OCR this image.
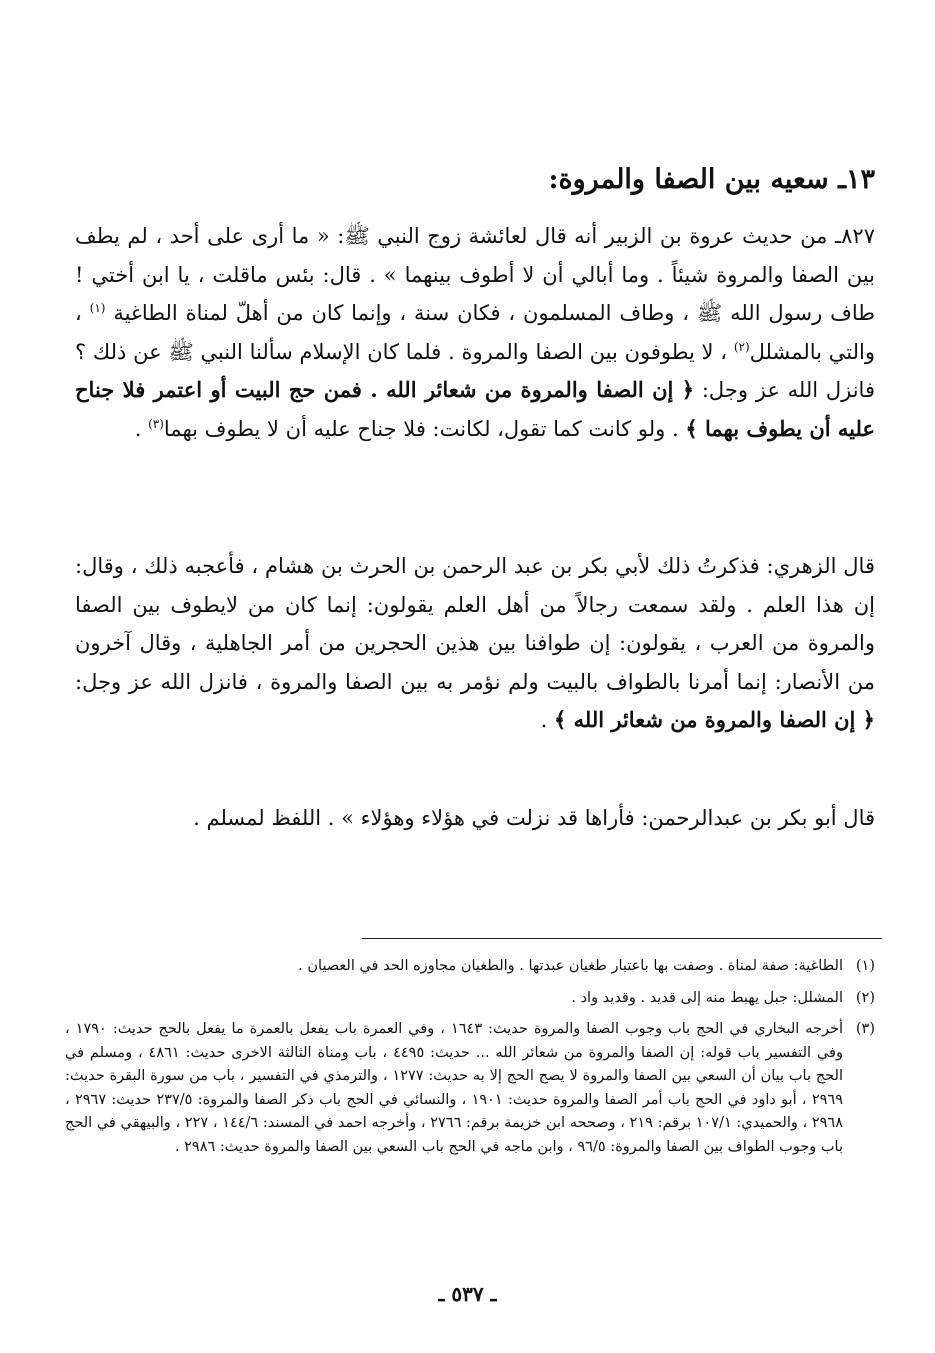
١٣ـ سعيه بين الصفا والمروة:
٨٢٧ـ من حديث عروة بن الزبير أنه قال لعائشة زوج النبي ﷺ: « ما أرى على أحد ، لم يطف بين الصفا والمروة شيئاً . وما أبالي أن لا أطوف بينهما » . قال: بئس ماقلت ، يا ابن أختي ! طاف رسول الله ﷺ ، وطاف المسلمون ، فكان سنة ، وإنما كان من أهلّ لمناة الطاغية $^{(١)}$ ، والتي بالمشلل$^{(٢)}$ ، لا يطوفون بين الصفا والمروة . فلما كان الإسلام سألنا النبي ﷺ عن ذلك ؟ فانزل الله عز وجل: ﴿ إن الصفا والمروة من شعائر الله . فمن حج البيت أو اعتمر فلا جناح عليه أن يطوف بهما ﴾ . ولو كانت كما تقول، لكانت: فلا جناح عليه أن لا يطوف بهما$^{(٣)}$ .
قال الزهري: فذكرتُ ذلك لأبي بكر بن عبد الرحمن بن الحرث بن هشام ، فأعجبه ذلك ، وقال: إن هذا العلم . ولقد سمعت رجالاً من أهل العلم يقولون: إنما كان من لايطوف بين الصفا والمروة من العرب ، يقولون: إن طوافنا بين هذين الحجرين من أمر الجاهلية ، وقال آخرون من الأنصار: إنما أمرنا بالطواف بالبيت ولم نؤمر به بين الصفا والمروة ، فانزل الله عز وجل: ﴿ إن الصفا والمروة من شعائر الله ﴾ .
قال أبو بكر بن عبدالرحمن: فأراها قد نزلت في هؤلاء وهؤلاء » . اللفظ لمسلم .
(١)
الطاغية: صفة لمناة . وصفت بها باعتبار طغيان عبدتها . والطغيان مجاوزه الحد في العصيان .
(٢)
المشلل: جبل يهبط منه إلى قديد . وقديد واد .
(٣)
أخرجه البخاري في الحج باب وجوب الصفا والمروة حديث: ١٦٤٣ ، وفي العمرة باب يفعل بالعمرة ما يفعل بالحج حديث: ١٧٩٠ ، وفي التفسير باب قوله: إن الصفا والمروة من شعائر الله ... حديث: ٤٤٩٥ ، باب ومناة الثالثة الاخرى حديث: ٤٨٦١ ، ومسلم في الحج باب بيان أن السعي بين الصفا والمروة لا يصح الحج إلا به حديث: ١٢٧٧ ، والترمذي في التفسير ، باب من سورة البقرة حديث: ٢٩٦٩ ، أبو داود في الحج باب أمر الصفا والمروة حديث: ١٩٠١ ، والنسائي في الحج باب ذكر الصفا والمروة: ٢٣٧/٥ حديث: ٢٩٦٧ ، ٢٩٦٨ ، والحميدي: ١٠٧/١ برقم: ٢١٩ ، وصححه ابن خزيمة برقم: ٢٧٦٦ ، وأخرجه احمد في المسند: ١٤٤/٦ ، ٢٢٧ ، والبيهقي في الحج باب وجوب الطواف بين الصفا والمروة: ٩٦/٥ ، وابن ماجه في الحج باب السعي بين الصفا والمروة حديث: ٢٩٨٦ .
ـ ٥٣٧ ـ
